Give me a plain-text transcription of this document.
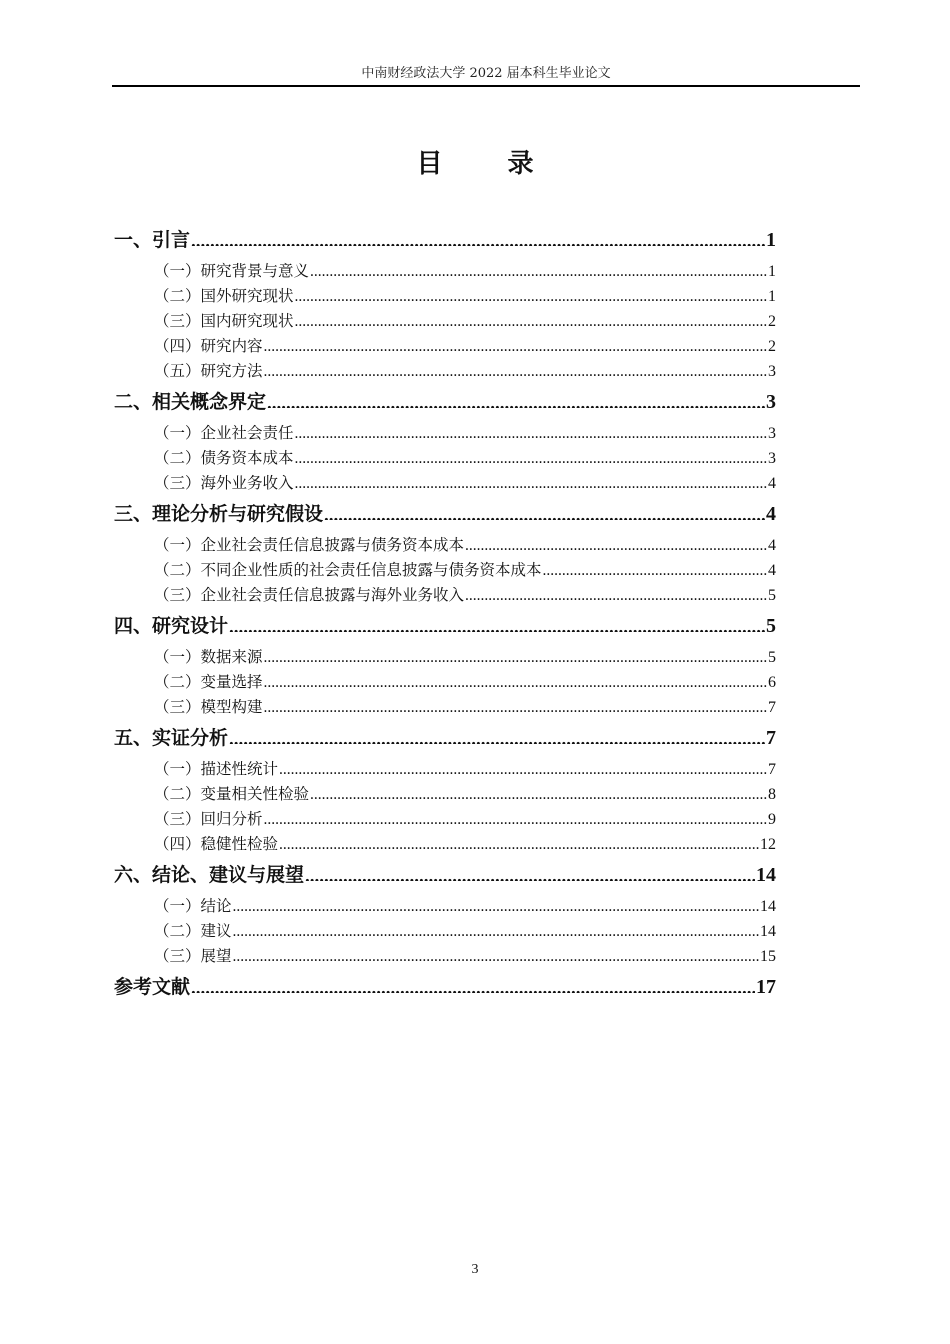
中南财经政法大学 2022 届本科生毕业论文
目 录
一、引言 .....	1
（一）研究背景与意义 .....	1
（二）国外研究现状 .....	1
（三）国内研究现状 .....	2
（四）研究内容 .....	2
（五）研究方法 .....	3
二、相关概念界定 .....	3
（一）企业社会责任 .....	3
（二）债务资本成本 .....	3
（三）海外业务收入 .....	4
三、理论分析与研究假设 .....	4
（一）企业社会责任信息披露与债务资本成本 .....	4
（二）不同企业性质的社会责任信息披露与债务资本成本 .....	4
（三）企业社会责任信息披露与海外业务收入 .....	5
四、研究设计 .....	5
（一）数据来源 .....	5
（二）变量选择 .....	6
（三）模型构建 .....	7
五、实证分析 .....	7
（一）描述性统计 .....	7
（二）变量相关性检验 .....	8
（三）回归分析 .....	9
（四）稳健性检验 .....	12
六、结论、建议与展望 .....	14
（一）结论 .....	14
（二）建议 .....	14
（三）展望 .....	15
参考文献 .....	17
3
